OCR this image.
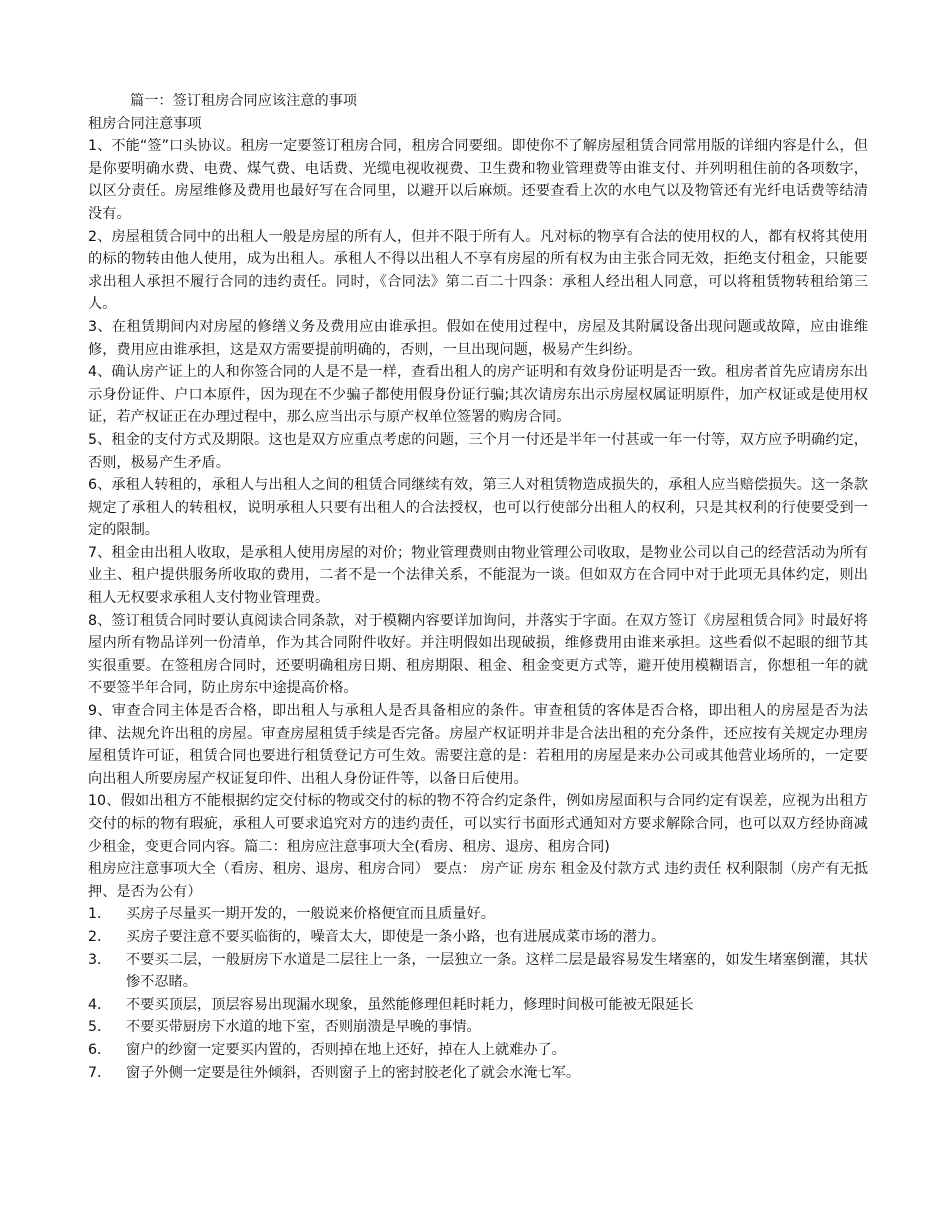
篇一：签订租房合同应该注意的事项
租房合同注意事项
1、不能“签”口头协议。租房一定要签订租房合同，租房合同要细。即使你不了解房屋租赁合同常用版的详细内容是什么，但是你要明确水费、电费、煤气费、电话费、光缆电视收视费、卫生费和物业管理费等由谁支付、并列明租住前的各项数字，以区分责任。房屋维修及费用也最好写在合同里，以避开以后麻烦。还要查看上次的水电气以及物管还有光纤电话费等结清没有。
2、房屋租赁合同中的出租人一般是房屋的所有人，但并不限于所有人。凡对标的物享有合法的使用权的人，都有权将其使用的标的物转由他人使用，成为出租人。承租人不得以出租人不享有房屋的所有权为由主张合同无效，拒绝支付租金，只能要求出租人承担不履行合同的违约责任。同时，《合同法》第二百二十四条：承租人经出租人同意，可以将租赁物转租给第三人。
3、在租赁期间内对房屋的修缮义务及费用应由谁承担。假如在使用过程中，房屋及其附属设备出现问题或故障，应由谁维修，费用应由谁承担，这是双方需要提前明确的，否则，一旦出现问题，极易产生纠纷。
4、确认房产证上的人和你签合同的人是不是一样，查看出租人的房产证明和有效身份证明是否一致。租房者首先应请房东出示身份证件、户口本原件，因为现在不少骗子都使用假身份证行骗;其次请房东出示房屋权属证明原件，加产权证或是使用权证，若产权证正在办理过程中，那么应当出示与原产权单位签署的购房合同。
5、租金的支付方式及期限。这也是双方应重点考虑的问题，三个月一付还是半年一付甚或一年一付等，双方应予明确约定，否则，极易产生矛盾。
6、承租人转租的，承租人与出租人之间的租赁合同继续有效，第三人对租赁物造成损失的，承租人应当赔偿损失。这一条款规定了承租人的转租权，说明承租人只要有出租人的合法授权，也可以行使部分出租人的权利，只是其权利的行使要受到一定的限制。
7、租金由出租人收取，是承租人使用房屋的对价；物业管理费则由物业管理公司收取，是物业公司以自己的经营活动为所有业主、租户提供服务所收取的费用，二者不是一个法律关系，不能混为一谈。但如双方在合同中对于此项无具体约定，则出租人无权要求承租人支付物业管理费。
8、签订租赁合同时要认真阅读合同条款，对于模糊内容要详加询问，并落实于字面。在双方签订《房屋租赁合同》时最好将屋内所有物品详列一份清单，作为其合同附件收好。并注明假如出现破损，维修费用由谁来承担。这些看似不起眼的细节其实很重要。在签租房合同时，还要明确租房日期、租房期限、租金、租金变更方式等，避开使用模糊语言，你想租一年的就不要签半年合同，防止房东中途提高价格。
9、审查合同主体是否合格，即出租人与承租人是否具备相应的条件。审查租赁的客体是否合格，即出租人的房屋是否为法律、法规允许出租的房屋。审查房屋租赁手续是否完备。房屋产权证明并非是合法出租的充分条件，还应按有关规定办理房屋租赁许可证，租赁合同也要进行租赁登记方可生效。需要注意的是：若租用的房屋是来办公司或其他营业场所的，一定要向出租人所要房屋产权证复印件、出租人身份证件等，以备日后使用。
10、假如出租方不能根据约定交付标的物或交付的标的物不符合约定条件，例如房屋面积与合同约定有误差，应视为出租方交付的标的物有瑕疵，承租人可要求追究对方的违约责任，可以实行书面形式通知对方要求解除合同，也可以双方经协商减少租金，变更合同内容。篇二：租房应注意事项大全(看房、租房、退房、租房合同)
租房应注意事项大全（看房、租房、退房、租房合同） 要点： 房产证 房东 租金及付款方式 违约责任 权利限制（房产有无抵押、是否为公有）
1．	买房子尽量买一期开发的，一般说来价格便宜而且质量好。
2．	买房子要注意不要买临街的，噪音太大，即使是一条小路，也有进展成菜市场的潜力。
3．	不要买二层，一般厨房下水道是二层往上一条，一层独立一条。这样二层是最容易发生堵塞的，如发生堵塞倒灌，其状惨不忍睹。
4．	不要买顶层，顶层容易出现漏水现象，虽然能修理但耗时耗力，修理时间极可能被无限延长
5．	不要买带厨房下水道的地下室，否则崩溃是早晚的事情。
6．	窗户的纱窗一定要买内置的，否则掉在地上还好，掉在人上就难办了。
7．	窗子外侧一定要是往外倾斜，否则窗子上的密封胶老化了就会水淹七军。
